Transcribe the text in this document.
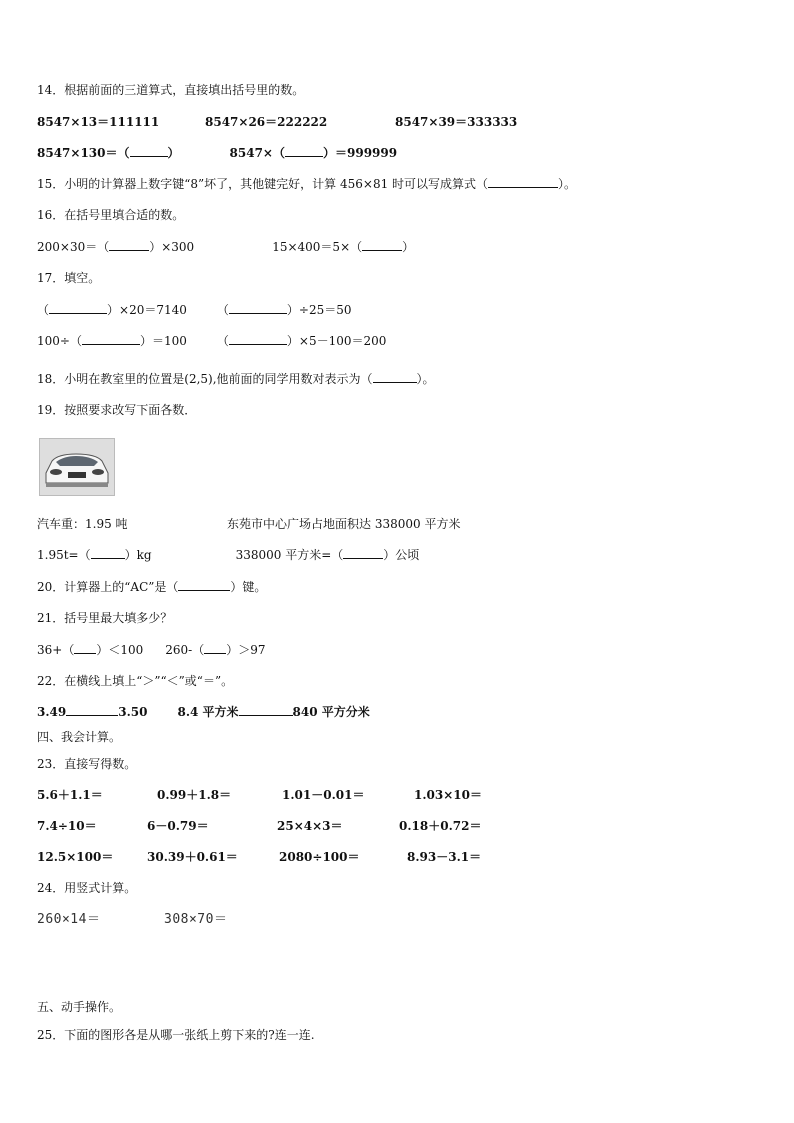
14．根据前面的三道算式，直接填出括号里的数。
8547×13＝111111	8547×26＝222222	8547×39＝333333
8547×130＝（	）	8547×（	）＝999999
15．小明的计算器上数字键“8”坏了，其他键完好，计算 456×81 时可以写成算式（	）。
16．在括号里填合适的数。
200×30＝（	）×300	15×400＝5×（	）
17．填空。
（	）×20＝7140	（	）÷25＝50
100÷（	）＝100	（	）×5－100＝200
18．小明在教室里的位置是(2,5),他前面的同学用数对表示为（	）。
19．按照要求改写下面各数．
汽车重：1.95 吨	东苑市中心广场占地面积达 338000 平方米
1.95t=（	）kg	338000 平方米=（	）公顷
20．计算器上的“AC”是（	）键。
21．括号里最大填多少？
36+（ ）＜100 260-（ ）＞97
22．在横线上填上“＞”“＜”或“＝”。
3.49	3.50	8.4 平方米	840 平方分米
四、我会计算。
23．直接写得数。
5.6＋1.1＝	0.99＋1.8＝	1.01－0.01＝	1.03×10＝
7.4÷10＝	6－0.79＝	25×4×3＝	0.18＋0.72＝
12.5×100＝	30.39＋0.61＝	2080÷100＝	8.93－3.1＝
24．用竖式计算。
260×14＝	308×70＝
五、动手操作。
25．下面的图形各是从哪一张纸上剪下来的?连一连.
